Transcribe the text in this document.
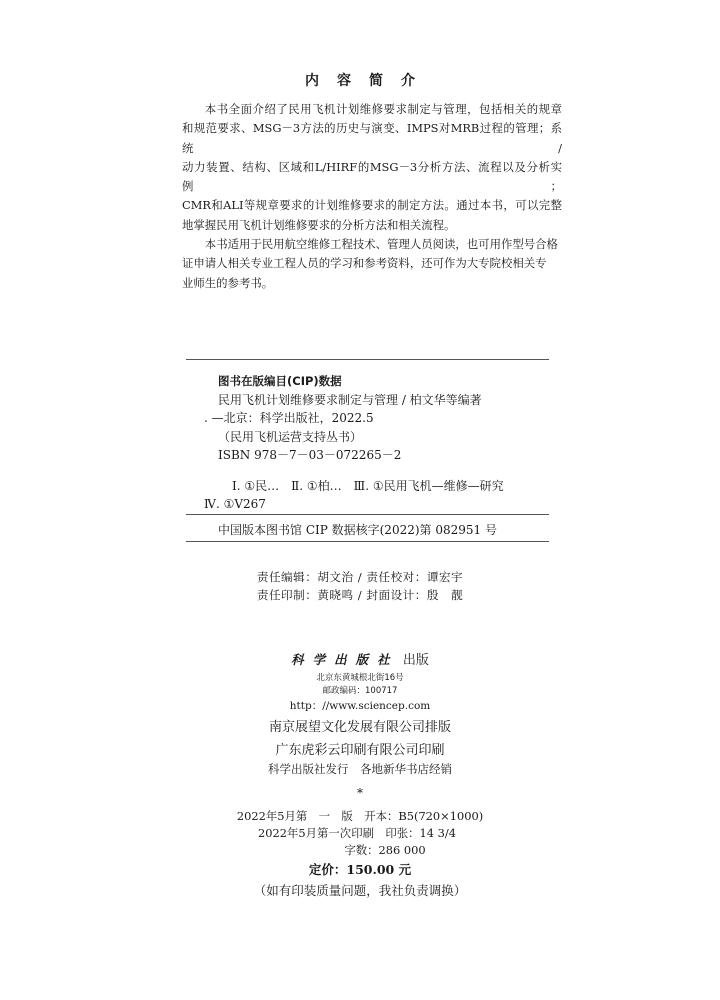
内容简介

本书全面介绍了民用飞机计划维修要求制定与管理，包括相关的规章
和规范要求、MSG－3方法的历史与演变、IMPS对MRB过程的管理；系统/
动力装置、结构、区域和L/HIRF的MSG－3分析方法、流程以及分析实例；
CMR和ALI等规章要求的计划维修要求的制定方法。通过本书，可以完整
地掌握民用飞机计划维修要求的分析方法和相关流程。

本书适用于民用航空维修工程技术、管理人员阅读，也可用作型号合格
证申请人相关专业工程人员的学习和参考资料，还可作为大专院校相关专
业师生的参考书。

图书在版编目(CIP)数据
民用飞机计划维修要求制定与管理 / 柏文华等编著
. —北京：科学出版社，2022.5
（民用飞机运营支持丛书）
ISBN 978－7－03－072265－2
Ⅰ. ①民…　Ⅱ. ①柏…　Ⅲ. ①民用飞机—维修—研究
Ⅳ. ①V267
中国版本图书馆 CIP 数据核字(2022)第 082951 号
责任编辑：胡文治 / 责任校对：谭宏宇
责任印制：黄晓鸣 / 封面设计：殷　靓
科学出版社 出版
北京东黄城根北街16号
邮政编码：100717
http：//www.sciencep.com
南京展望文化发展有限公司排版
广东虎彩云印刷有限公司印刷
科学出版社发行　各地新华书店经销
*
2022年5月第　一　版　开本：B5(720×1000)
2022年5月第一次印刷　印张：14 3/4
字数：286 000
定价：150.00 元
（如有印装质量问题，我社负责调换）
